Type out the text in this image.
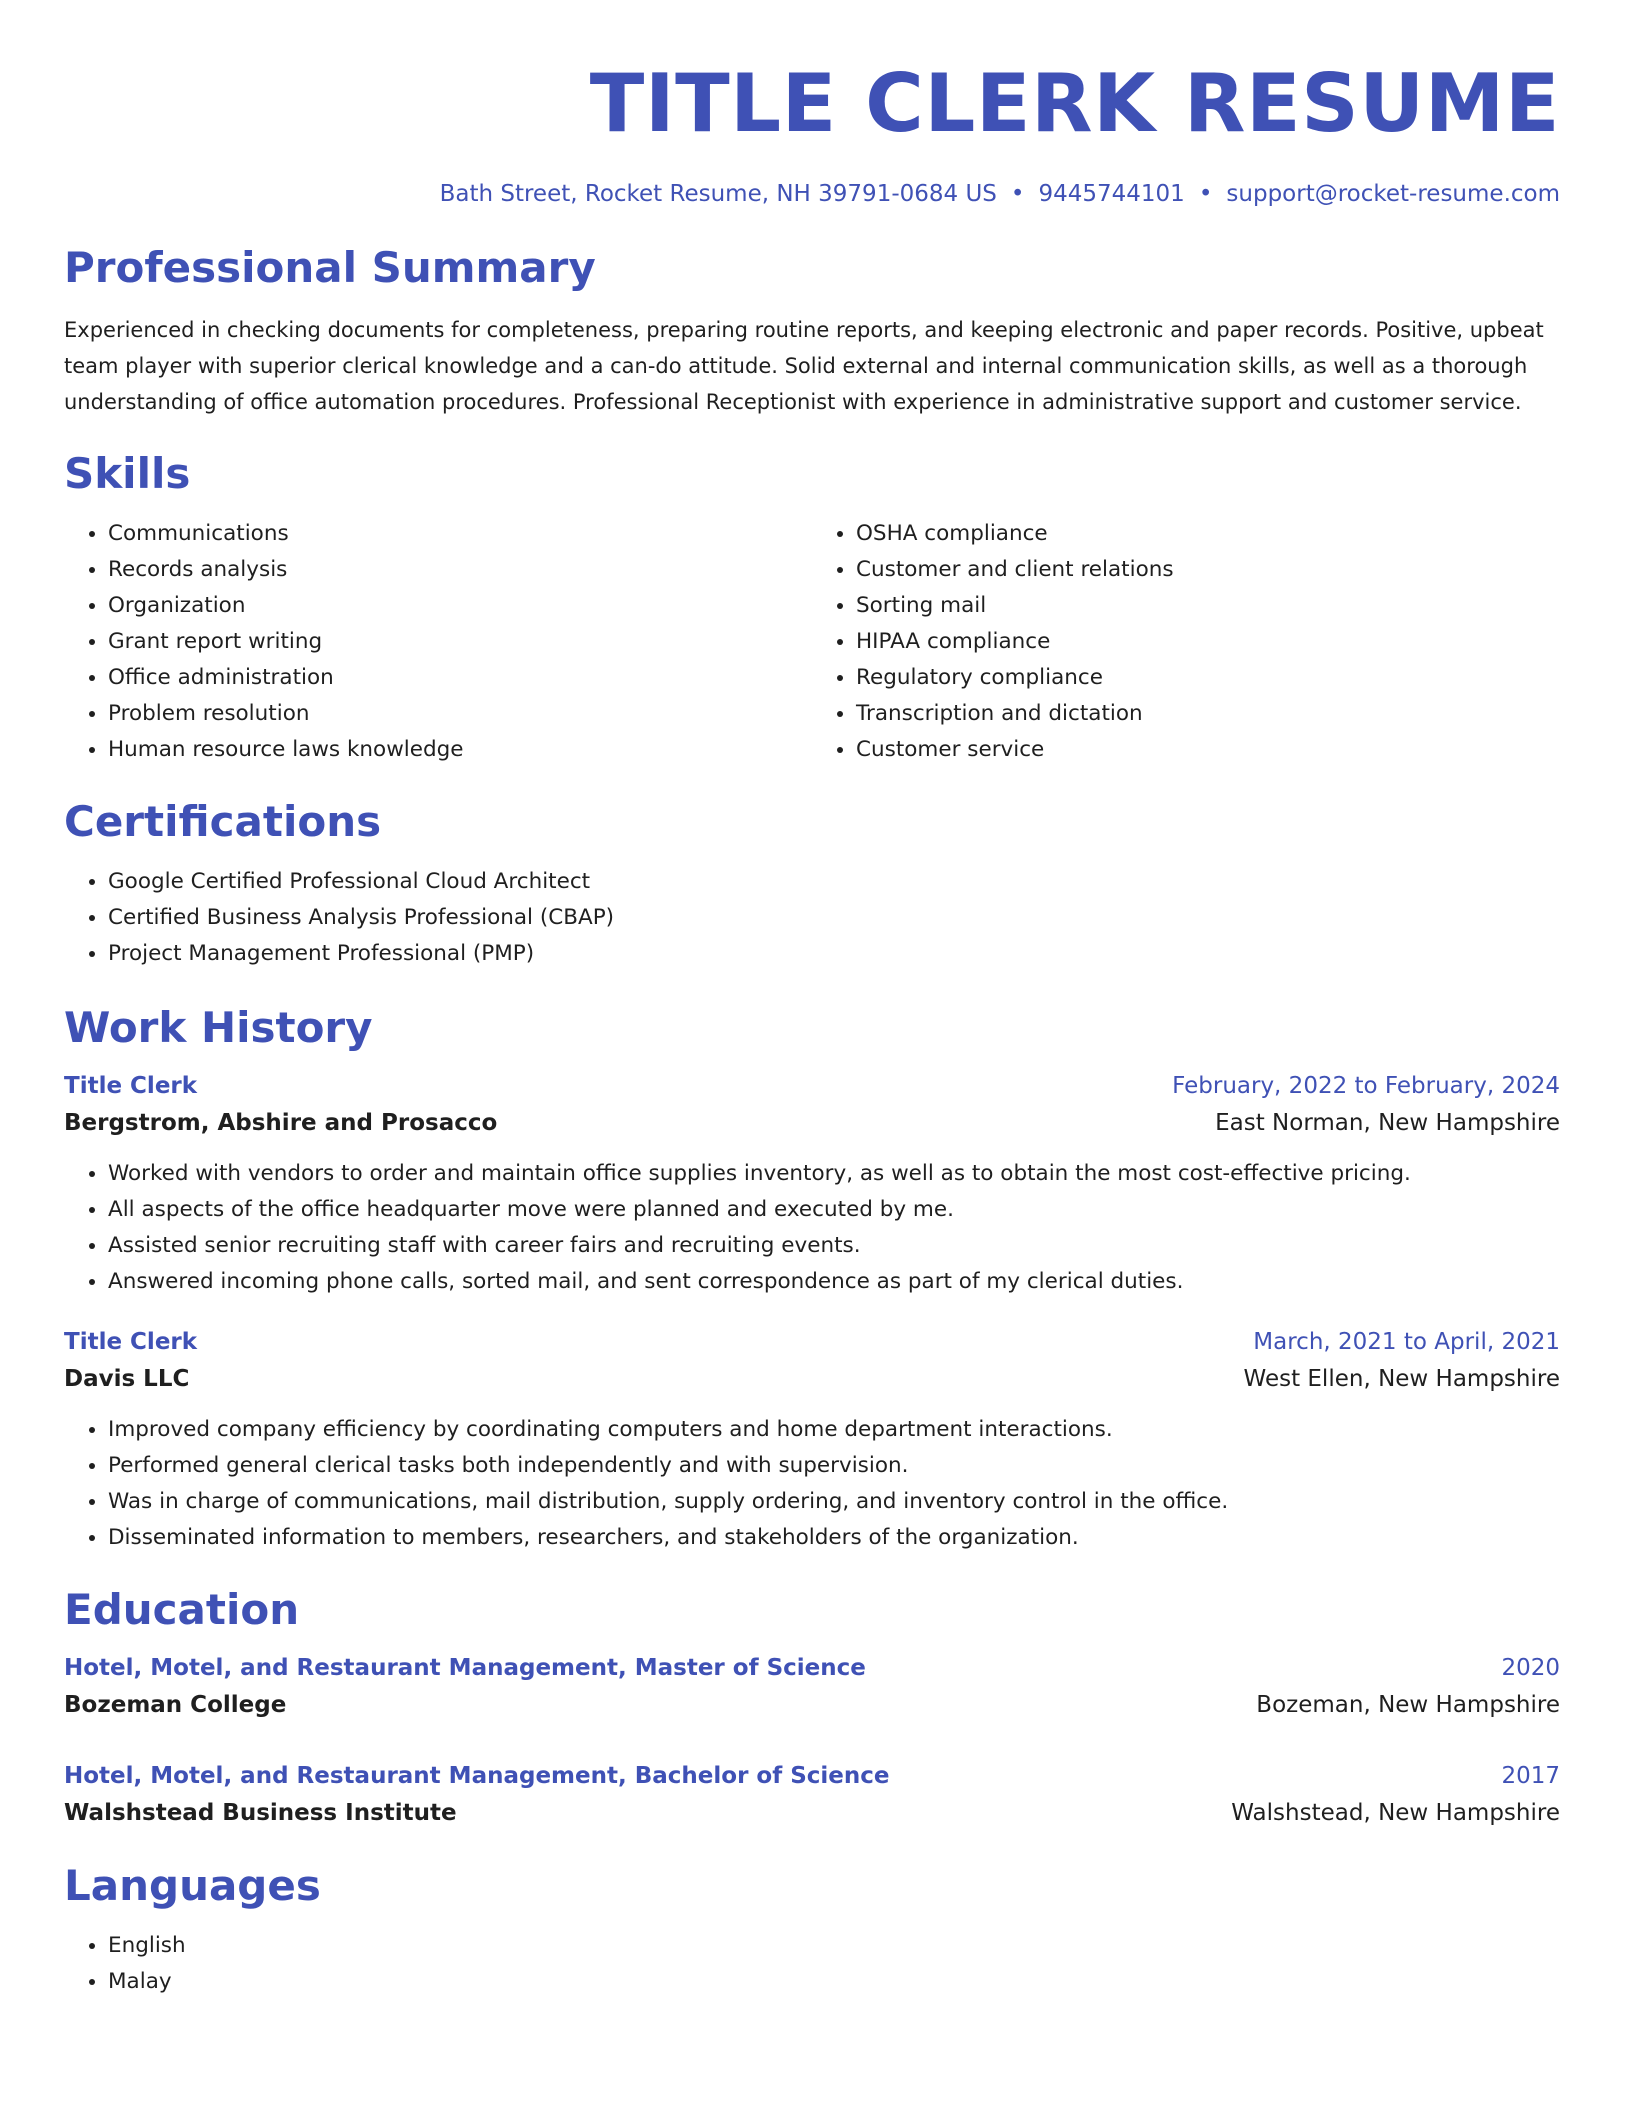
TITLE CLERK RESUME
Bath Street, Rocket Resume, NH 39791-0684 US • 9445744101 • support@rocket-resume.com
Professional Summary

Experienced in checking documents for completeness, preparing routine reports, and keeping electronic and paper records. Positive, upbeat team player with superior clerical knowledge and a can-do attitude. Solid external and internal communication skills, as well as a thorough understanding of office automation procedures. Professional Receptionist with experience in administrative support and customer service.

Skills
• Communications
• Records analysis
• Organization
• Grant report writing
• Office administration
• Problem resolution
• Human resource laws knowledge
• OSHA compliance
• Customer and client relations
• Sorting mail
• HIPAA compliance
• Regulatory compliance
• Transcription and dictation
• Customer service
Certifications
• Google Certified Professional Cloud Architect
• Certified Business Analysis Professional (CBAP)
• Project Management Professional (PMP)
Work History
Title Clerk	February, 2022 to February, 2024
Bergstrom, Abshire and Prosacco	East Norman, New Hampshire
• Worked with vendors to order and maintain office supplies inventory, as well as to obtain the most cost-effective pricing.
• All aspects of the office headquarter move were planned and executed by me.
• Assisted senior recruiting staff with career fairs and recruiting events.
• Answered incoming phone calls, sorted mail, and sent correspondence as part of my clerical duties.
Title Clerk	March, 2021 to April, 2021
Davis LLC	West Ellen, New Hampshire
• Improved company efficiency by coordinating computers and home department interactions.
• Performed general clerical tasks both independently and with supervision.
• Was in charge of communications, mail distribution, supply ordering, and inventory control in the office.
• Disseminated information to members, researchers, and stakeholders of the organization.
Education
Hotel, Motel, and Restaurant Management, Master of Science	2020
Bozeman College	Bozeman, New Hampshire
Hotel, Motel, and Restaurant Management, Bachelor of Science	2017
Walshstead Business Institute	Walshstead, New Hampshire
Languages
• English
• Malay
